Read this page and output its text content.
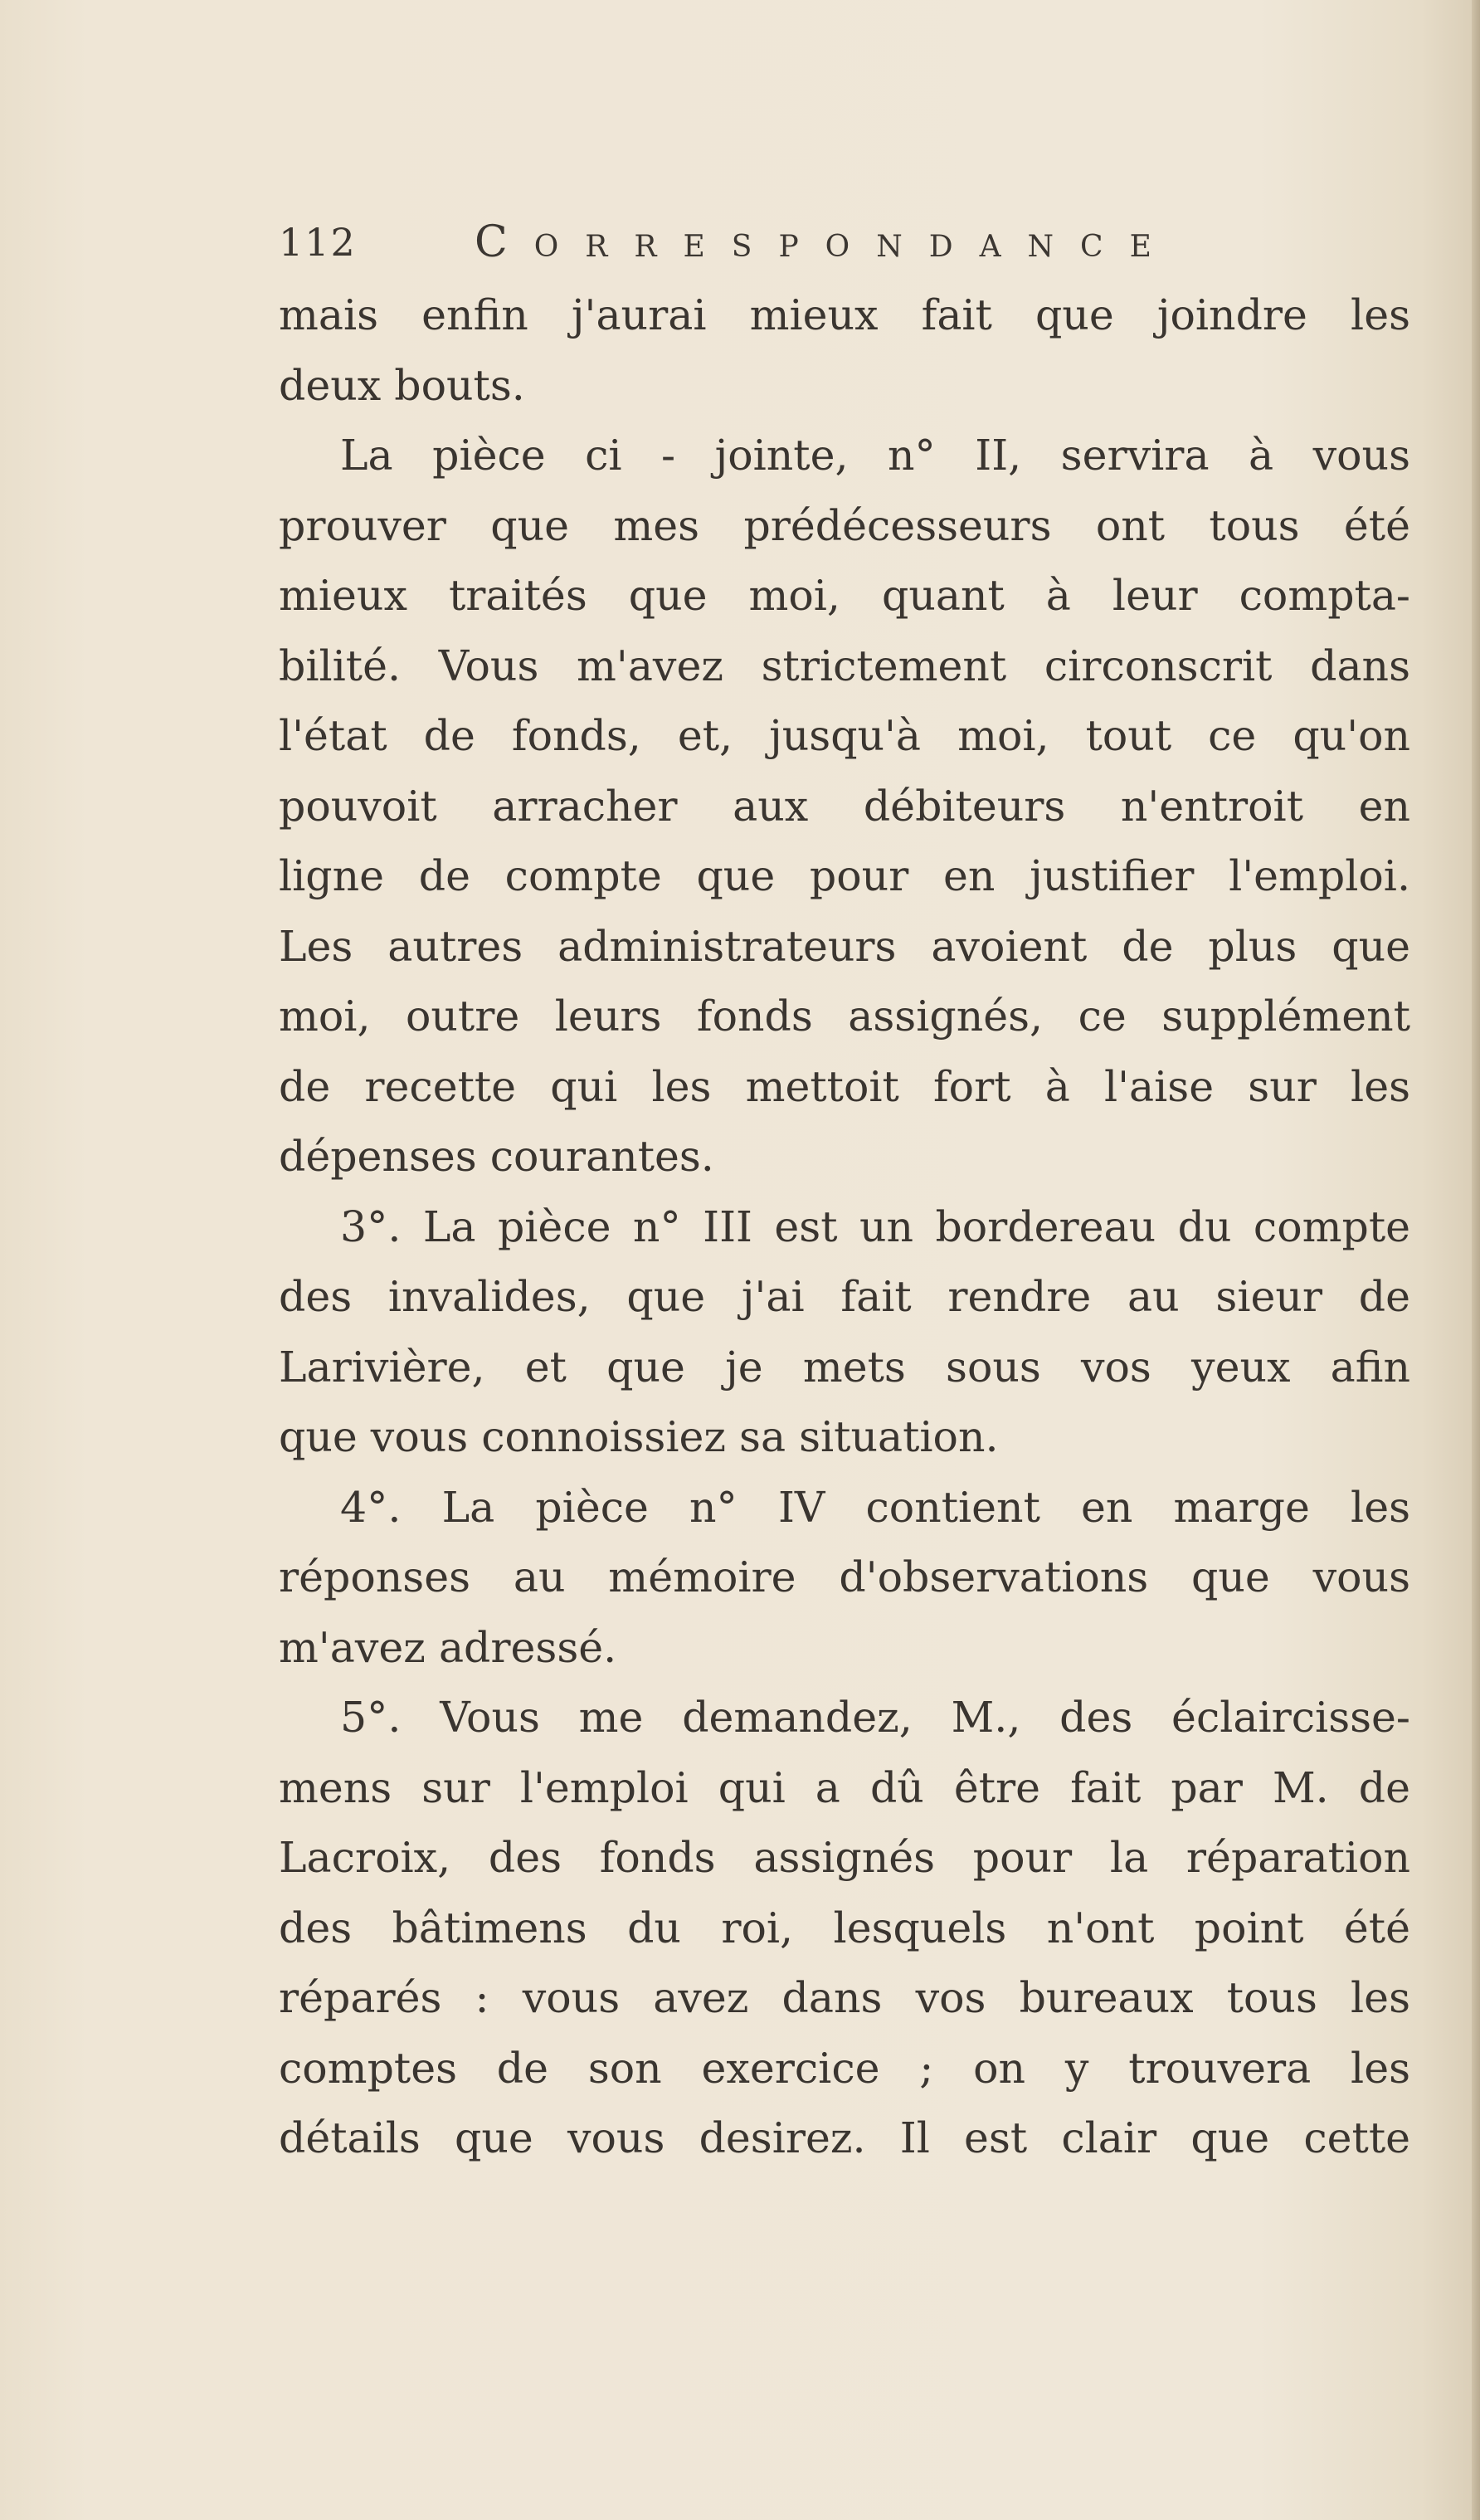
112	CORRESPONDANCE
mais enfin j'aurai mieux fait que joindre les
deux bouts.
La pièce ci - jointe, n° II, servira à vous
prouver que mes prédécesseurs ont tous été
mieux traités que moi, quant à leur compta-
bilité. Vous m'avez strictement circonscrit dans
l'état de fonds, et, jusqu'à moi, tout ce qu'on
pouvoit arracher aux débiteurs n'entroit en
ligne de compte que pour en justifier l'emploi.
Les autres administrateurs avoient de plus que
moi, outre leurs fonds assignés, ce supplément
de recette qui les mettoit fort à l'aise sur les
dépenses courantes.
3°. La pièce n° III est un bordereau du compte
des invalides, que j'ai fait rendre au sieur de
Larivière, et que je mets sous vos yeux afin
que vous connoissiez sa situation.
4°. La pièce n° IV contient en marge les
réponses au mémoire d'observations que vous
m'avez adressé.
5°. Vous me demandez, M., des éclaircisse-
mens sur l'emploi qui a dû être fait par M. de
Lacroix, des fonds assignés pour la réparation
des bâtimens du roi, lesquels n'ont point été
réparés : vous avez dans vos bureaux tous les
comptes de son exercice ; on y trouvera les
détails que vous desirez. Il est clair que cette
